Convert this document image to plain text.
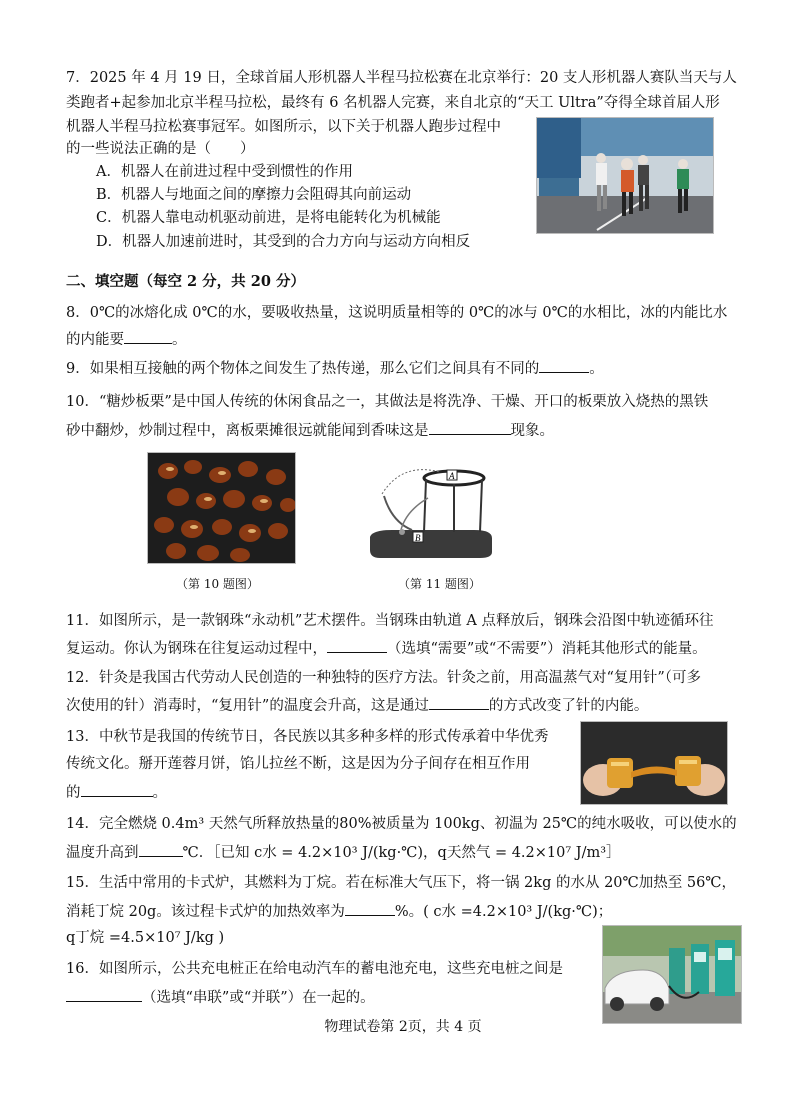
7．2025 年 4 月 19 日，全球首届人形机器人半程马拉松赛在北京举行：20 支人形机器人赛队当天与人
类跑者+起参加北京半程马拉松，最终有 6 名机器人完赛，来自北京的“天工 Ultra”夺得全球首届人形
机器人半程马拉松赛事冠军。如图所示，以下关于机器人跑步过程中
的一些说法正确的是（　　）
A．机器人在前进过程中受到惯性的作用
B．机器人与地面之间的摩擦力会阻碍其向前运动
C．机器人靠电动机驱动前进，是将电能转化为机械能
D．机器人加速前进时，其受到的合力方向与运动方向相反
二、填空题（每空 2 分，共 20 分）
8．0℃的冰熔化成 0℃的水，要吸收热量，这说明质量相等的 0℃的冰与 0℃的水相比，冰的内能比水
的内能要	。
9．如果相互接触的两个物体之间发生了热传递，那么它们之间具有不同的	。
10．“糖炒板栗”是中国人传统的休闲食品之一，其做法是将洗净、干燥、开口的板栗放入烧热的黑铁
砂中翻炒，炒制过程中，离板栗摊很远就能闻到香味这是	现象。
A
B
（第 10 题图）	（第 11 题图）
11．如图所示，是一款钢珠“永动机”艺术摆件。当钢珠由轨道 A 点释放后，钢珠会沿图中轨迹循环往
复运动。你认为钢珠在往复运动过程中，	（选填“需要”或“不需要”）消耗其他形式的能量。
12．针灸是我国古代劳动人民创造的一种独特的医疗方法。针灸之前，用高温蒸气对“复用针”（可多
次使用的针）消毒时，“复用针”的温度会升高，这是通过	的方式改变了针的内能。
13．中秋节是我国的传统节日，各民族以其多种多样的形式传承着中华优秀
传统文化。掰开莲蓉月饼，馅儿拉丝不断，这是因为分子间存在相互作用
的	。
14．完全燃烧 0.4m³ 天然气所释放热量的80%被质量为 100kg、初温为 25℃的纯水吸收，可以使水的
温度升高到	℃．［已知 c水 = 4.2×10³ J/(kg·℃)，q天然气 = 4.2×10⁷ J/m³］
15．生活中常用的卡式炉，其燃料为丁烷。若在标准大气压下，将一锅 2kg 的水从 20℃加热至 56℃，
消耗丁烷 20g。该过程卡式炉的加热效率为	%。( c水 =4.2×10³ J/(kg·℃)；
q丁烷 =4.5×10⁷ J/kg )
16．如图所示，公共充电桩正在给电动汽车的蓄电池充电，这些充电桩之间是
（选填“串联”或“并联”）在一起的。
物理试卷第 2页，共 4 页
